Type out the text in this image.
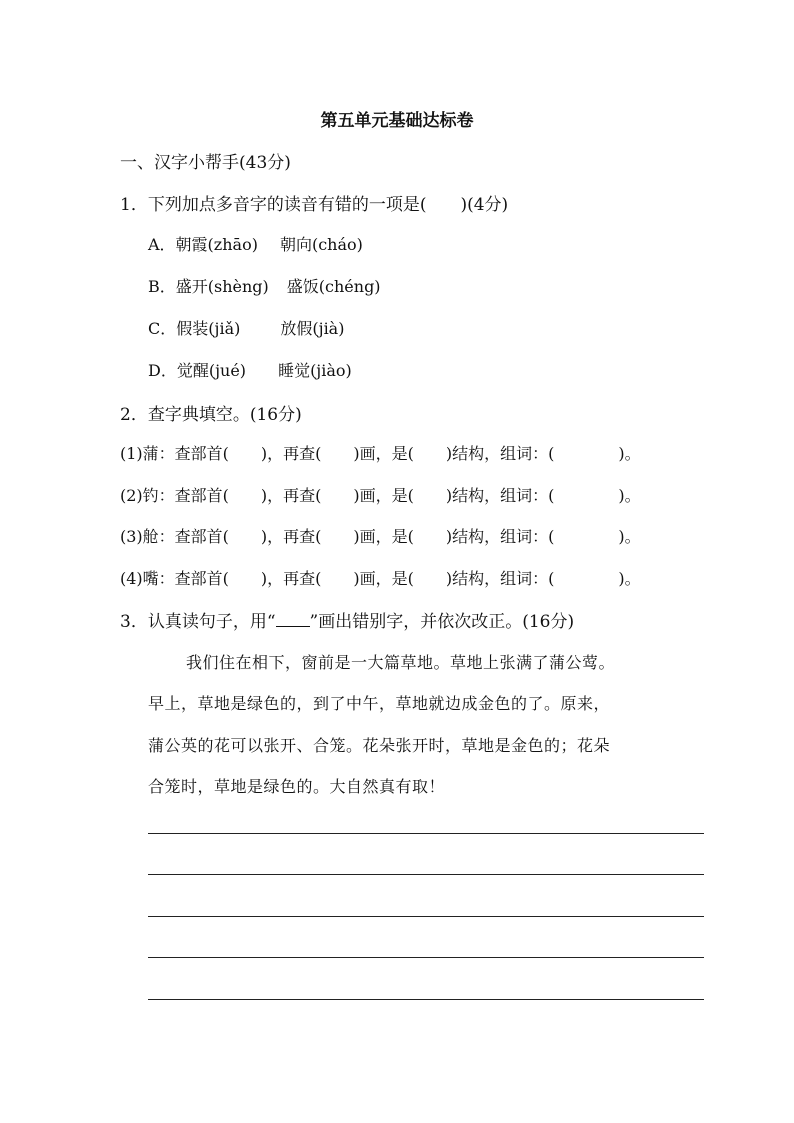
第五单元基础达标卷
一、汉字小帮手(43分)
1．下列加点多音字的读音有错的一项是(　　)(4分)
A．朝霞(zhāo) 朝向(cháo)
B．盛开(shèng) 盛饭(chéng)
C．假装(jiǎ)	放假(jià)
D．觉醒(jué) 睡觉(jiào)
2．查字典填空。(16分)
(1)蒲：查部首(　　)，再查(　　)画，是(　　)结构，组词：(　　　　)。
(2)钓：查部首(　　)，再查(　　)画，是(　　)结构，组词：(　　　　)。
(3)舱：查部首(　　)，再查(　　)画，是(　　)结构，组词：(　　　　)。
(4)嘴：查部首(　　)，再查(　　)画，是(　　)结构，组词：(　　　　)。
3．认真读句子，用“ ”画出错别字，并依次改正。(16分)
我们住在相下，窗前是一大篇草地。草地上张满了蒲公莺。
早上，草地是绿色的，到了中午，草地就边成金色的了。原来，
蒲公英的花可以张开、合笼。花朵张开时，草地是金色的；花朵
合笼时，草地是绿色的。大自然真有取！
